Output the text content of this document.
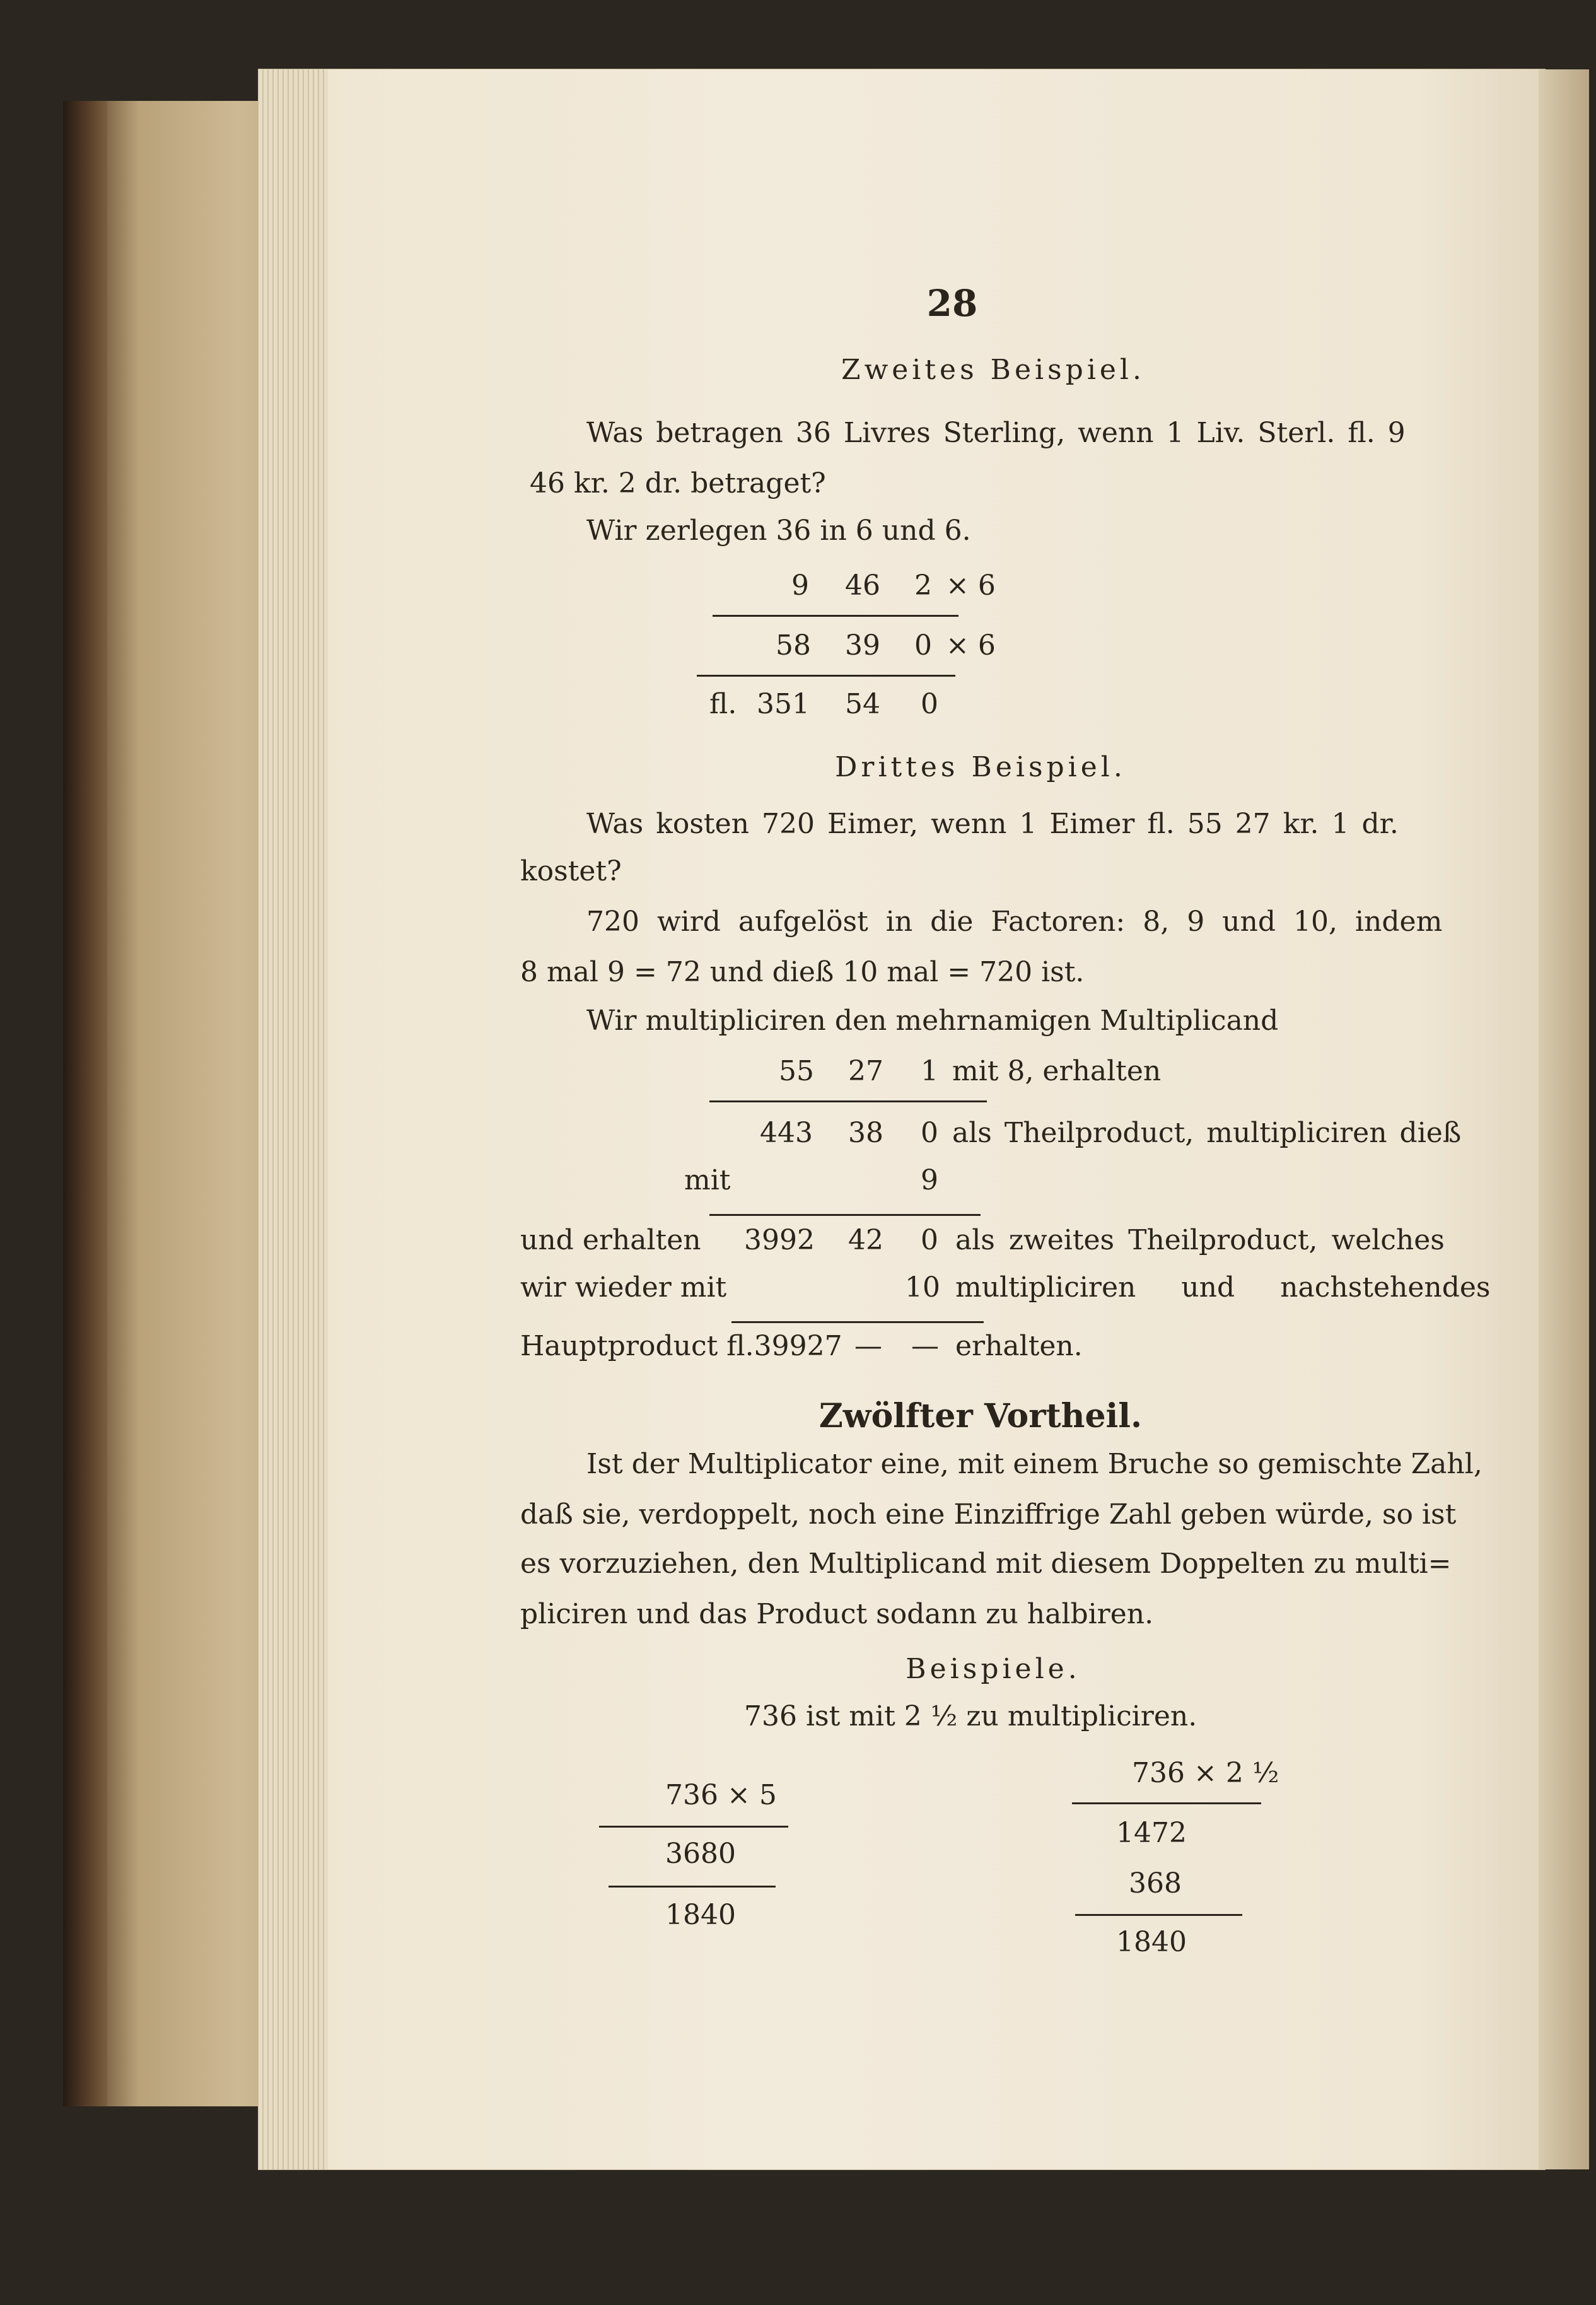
28
Zweites Beispiel.
Was betragen 36 Livres Sterling, wenn 1 Liv. Sterl. fl. 9
46 kr. 2 dr. betraget?
Wir zerlegen 36 in 6 und 6.
9 46 2 × 6
58 39 0 × 6
fl. 351 54 0
Drittes Beispiel.
Was kosten 720 Eimer, wenn 1 Eimer fl. 55 27 kr. 1 dr.
kostet?
720 wird aufgelöst in die Factoren: 8, 9 und 10, indem
8 mal 9 = 72 und dieß 10 mal = 720 ist.
Wir multipliciren den mehrnamigen Multiplicand
55 27 1 mit 8, erhalten
443 38 0 als Theilproduct, multipliciren dieß
mit	9
und erhalten 3992 42 0 als zweites Theilproduct, welches
wir wieder mit	10 multipliciren und nachstehendes
Hauptproduct fl.39927 — — erhalten.
Zwölfter Vortheil.
Ist der Multiplicator eine, mit einem Bruche so gemischte Zahl,
daß sie, verdoppelt, noch eine Einziffrige Zahl geben würde, so ist
es vorzuziehen, den Multiplicand mit diesem Doppelten zu multi=
pliciren und das Product sodann zu halbiren.
Beispiele.
736 ist mit 2 ½ zu multipliciren.
736 × 5
3680
1840
736 × 2 ½
1472
368
1840
